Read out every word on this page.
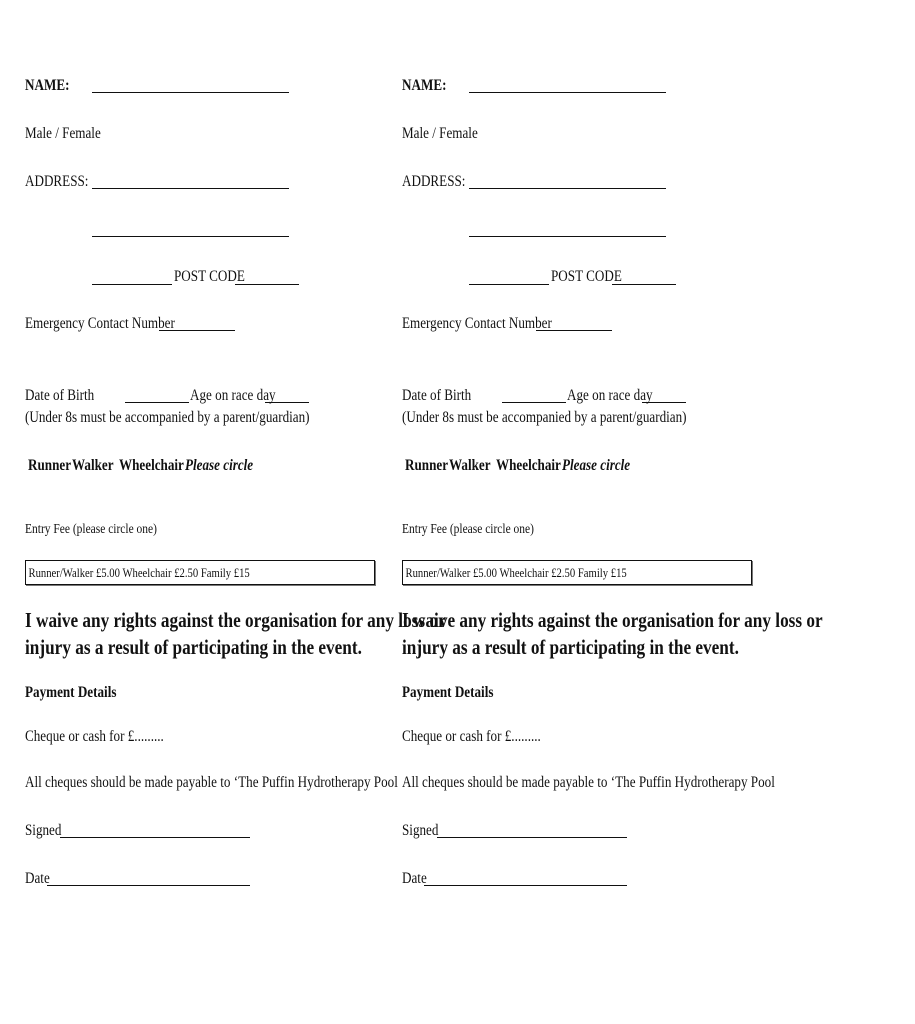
NAME:
Male / Female
ADDRESS:
POST CODE
Emergency Contact Number
Date of Birth	Age on race day
(Under 8s must be accompanied by a parent/guardian)
Runner Walker Wheelchair Please circle
Entry Fee (please circle one)
Runner/Walker £5.00 Wheelchair £2.50 Family £15
I waive any rights against the organisation for any loss or
injury as a result of participating in the event.
Payment Details
Cheque or cash for £.........
All cheques should be made payable to ‘The Puffin Hydrotherapy Pool
Signed
Date
NAME:
Male / Female
ADDRESS:
POST CODE
Emergency Contact Number
Date of Birth	Age on race day
(Under 8s must be accompanied by a parent/guardian)
Runner Walker Wheelchair Please circle
Entry Fee (please circle one)
Runner/Walker £5.00 Wheelchair £2.50 Family £15
I waive any rights against the organisation for any loss or
injury as a result of participating in the event.
Payment Details
Cheque or cash for £.........
All cheques should be made payable to ‘The Puffin Hydrotherapy Pool
Signed
Date
